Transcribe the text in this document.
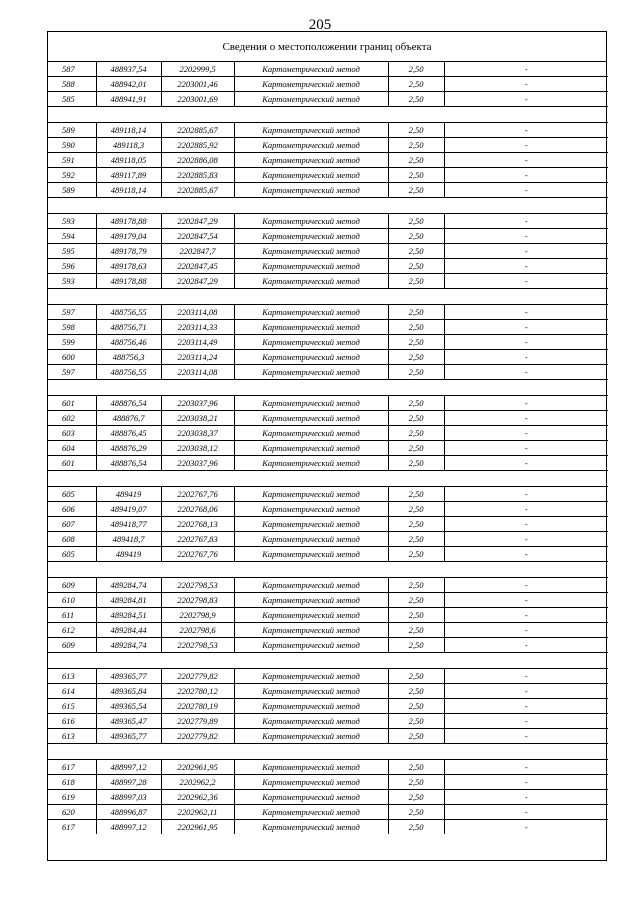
205
Сведения о местоположении границ объекта
587	488937,54	2202999,5	Картометрический метод	2,50	-
588	488942,01	2203001,46	Картометрический метод	2,50	-
585	488941,91	2203001,69	Картометрический метод	2,50	-

589	489118,14	2202885,67	Картометрический метод	2,50	-
590	489118,3	2202885,92	Картометрический метод	2,50	-
591	489118,05	2202886,08	Картометрический метод	2,50	-
592	489117,89	2202885,83	Картометрический метод	2,50	-
589	489118,14	2202885,67	Картометрический метод	2,50	-

593	489178,88	2202847,29	Картометрический метод	2,50	-
594	489179,04	2202847,54	Картометрический метод	2,50	-
595	489178,79	2202847,7	Картометрический метод	2,50	-
596	489178,63	2202847,45	Картометрический метод	2,50	-
593	489178,88	2202847,29	Картометрический метод	2,50	-

597	488756,55	2203114,08	Картометрический метод	2,50	-
598	488756,71	2203114,33	Картометрический метод	2,50	-
599	488756,46	2203114,49	Картометрический метод	2,50	-
600	488756,3	2203114,24	Картометрический метод	2,50	-
597	488756,55	2203114,08	Картометрический метод	2,50	-

601	488876,54	2203037,96	Картометрический метод	2,50	-
602	488876,7	2203038,21	Картометрический метод	2,50	-
603	488876,45	2203038,37	Картометрический метод	2,50	-
604	488876,29	2203038,12	Картометрический метод	2,50	-
601	488876,54	2203037,96	Картометрический метод	2,50	-

605	489419	2202767,76	Картометрический метод	2,50	-
606	489419,07	2202768,06	Картометрический метод	2,50	-
607	489418,77	2202768,13	Картометрический метод	2,50	-
608	489418,7	2202767,83	Картометрический метод	2,50	-
605	489419	2202767,76	Картометрический метод	2,50	-

609	489284,74	2202798,53	Картометрический метод	2,50	-
610	489284,81	2202798,83	Картометрический метод	2,50	-
611	489284,51	2202798,9	Картометрический метод	2,50	-
612	489284,44	2202798,6	Картометрический метод	2,50	-
609	489284,74	2202798,53	Картометрический метод	2,50	-

613	489365,77	2202779,82	Картометрический метод	2,50	-
614	489365,84	2202780,12	Картометрический метод	2,50	-
615	489365,54	2202780,19	Картометрический метод	2,50	-
616	489365,47	2202779,89	Картометрический метод	2,50	-
613	489365,77	2202779,82	Картометрический метод	2,50	-

617	488997,12	2202961,95	Картометрический метод	2,50	-
618	488997,28	2202962,2	Картометрический метод	2,50	-
619	488997,03	2202962,36	Картометрический метод	2,50	-
620	488996,87	2202962,11	Картометрический метод	2,50	-
617	488997,12	2202961,95	Картометрический метод	2,50	-
